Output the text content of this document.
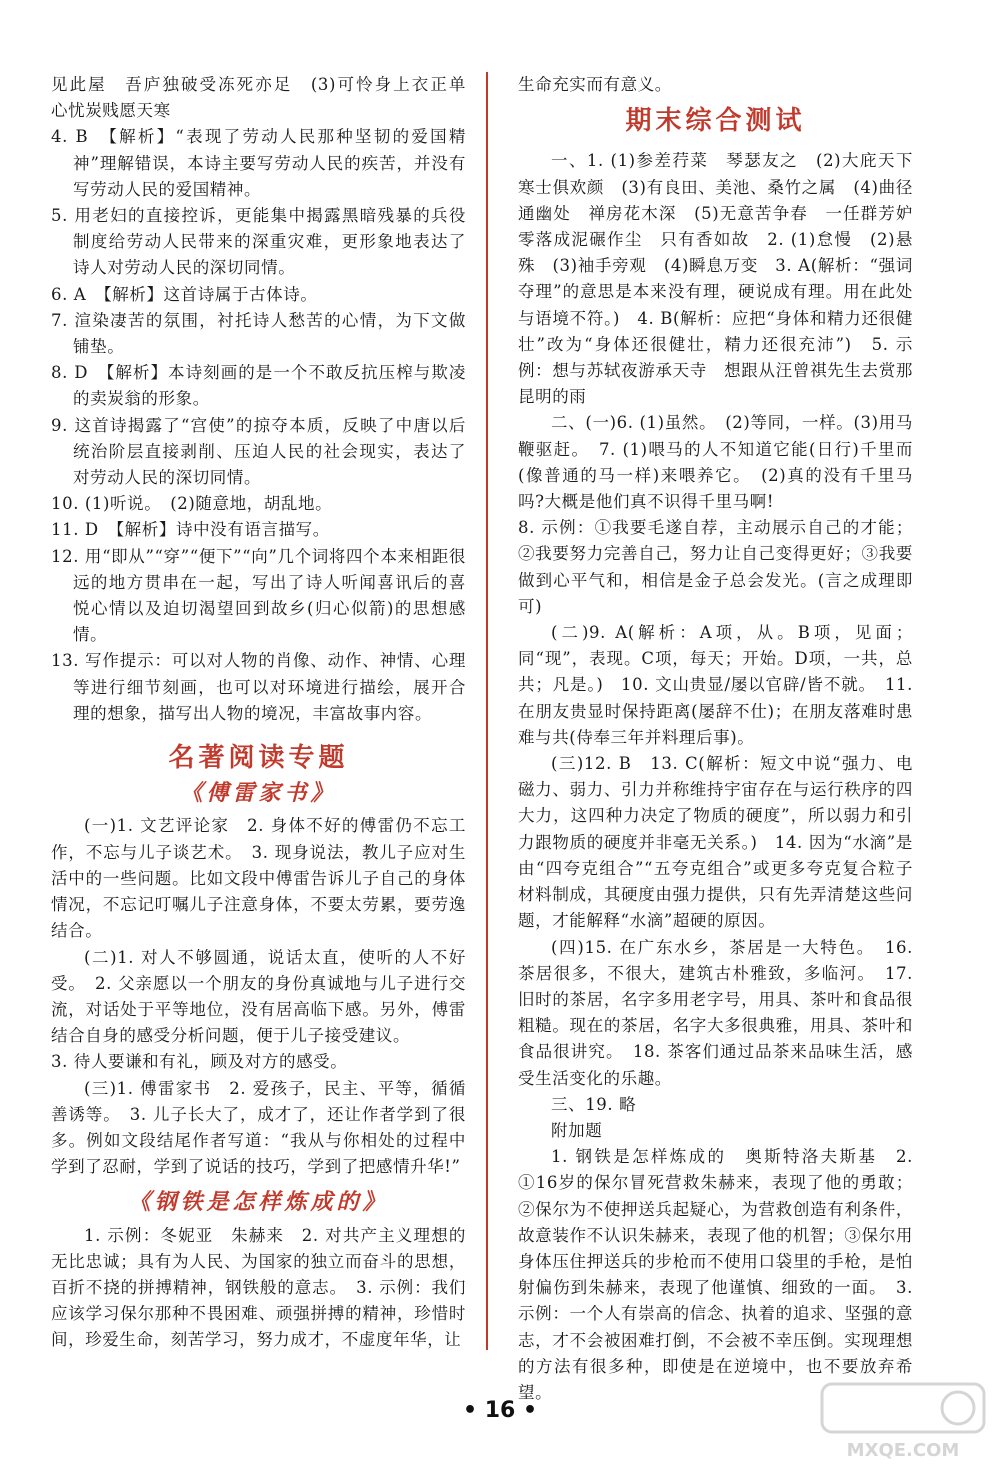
见此屋　吾庐独破受冻死亦足　(3)可怜身上衣正单　心忧炭贱愿天寒

4. B　【解析】“表现了劳动人民那种坚韧的爱国精神”理解错误，本诗主要写劳动人民的疾苦，并没有写劳动人民的爱国精神。

5. 用老妇的直接控诉，更能集中揭露黑暗残暴的兵役制度给劳动人民带来的深重灾难，更形象地表达了诗人对劳动人民的深切同情。

6. A　【解析】这首诗属于古体诗。

7. 渲染凄苦的氛围，衬托诗人愁苦的心情，为下文做铺垫。

8. D　【解析】本诗刻画的是一个不敢反抗压榨与欺凌的卖炭翁的形象。

9. 这首诗揭露了“宫使”的掠夺本质，反映了中唐以后统治阶层直接剥削、压迫人民的社会现实，表达了对劳动人民的深切同情。

10. (1)听说。　(2)随意地，胡乱地。

11. D　【解析】诗中没有语言描写。

12. 用“即从”“穿”“便下”“向”几个词将四个本来相距很远的地方贯串在一起，写出了诗人听闻喜讯后的喜悦心情以及迫切渴望回到故乡(归心似箭)的思想感情。

13. 写作提示：可以对人物的肖像、动作、神情、心理等进行细节刻画，也可以对环境进行描绘，展开合理的想象，描写出人物的境况，丰富故事内容。

名著阅读专题
《傅雷家书》

(一)1. 文艺评论家　2. 身体不好的傅雷仍不忘工作，不忘与儿子谈艺术。　3. 现身说法，教儿子应对生活中的一些问题。比如文段中傅雷告诉儿子自己的身体情况，不忘记叮嘱儿子注意身体，不要太劳累，要劳逸结合。

(二)1. 对人不够圆通，说话太直，使听的人不好受。　2. 父亲愿以一个朋友的身份真诚地与儿子进行交流，对话处于平等地位，没有居高临下感。另外，傅雷结合自身的感受分析问题，便于儿子接受建议。

3. 待人要谦和有礼，顾及对方的感受。

(三)1. 傅雷家书　2. 爱孩子，民主、平等，循循善诱等。　3. 儿子长大了，成才了，还让作者学到了很多。例如文段结尾作者写道：“我从与你相处的过程中学到了忍耐，学到了说话的技巧，学到了把感情升华!”

《钢铁是怎样炼成的》

1. 示例：冬妮亚　朱赫来　2. 对共产主义理想的无比忠诚；具有为人民、为国家的独立而奋斗的思想，百折不挠的拼搏精神，钢铁般的意志。　3. 示例：我们应该学习保尔那种不畏困难、顽强拼搏的精神，珍惜时间，珍爱生命，刻苦学习，努力成才，不虚度年华，让

生命充实而有意义。

期末综合测试

一、1. (1)参差荇菜　琴瑟友之　(2)大庇天下寒士俱欢颜　(3)有良田、美池、桑竹之属　(4)曲径通幽处　禅房花木深　(5)无意苦争春　一任群芳妒　零落成泥碾作尘　只有香如故　2. (1)怠慢　(2)悬殊　(3)袖手旁观　(4)瞬息万变　3. A(解析：“强词夺理”的意思是本来没有理，硬说成有理。用在此处与语境不符。)　4. B(解析：应把“身体和精力还很健壮”改为“身体还很健壮，精力还很充沛”)　5. 示例：想与苏轼夜游承天寺　想跟从汪曾祺先生去赏那昆明的雨

二、(一)6. (1)虽然。　(2)等同，一样。(3)用马鞭驱赶。　7. (1)喂马的人不知道它能(日行)千里而(像普通的马一样)来喂养它。　(2)真的没有千里马吗?大概是他们真不识得千里马啊!

8. 示例：①我要毛遂自荐，主动展示自己的才能；②我要努力完善自己，努力让自己变得更好；③我要做到心平气和，相信是金子总会发光。(言之成理即可)

(二)9. A(解析：A项，从。B项，见面；同“现”，表现。C项，每天；开始。D项，一共，总共；凡是。)　10. 文山贵显/屡以官辟/皆不就。　11. 在朋友贵显时保持距离(屡辞不仕)；在朋友落难时患难与共(侍奉三年并料理后事)。

(三)12. B　13. C(解析：短文中说“强力、电磁力、弱力、引力并称维持宇宙存在与运行秩序的四大力，这四种力决定了物质的硬度”，所以弱力和引力跟物质的硬度并非毫无关系。)　14. 因为“水滴”是由“四夸克组合”“五夸克组合”或更多夸克复合粒子材料制成，其硬度由强力提供，只有先弄清楚这些问题，才能解释“水滴”超硬的原因。

(四)15. 在广东水乡，茶居是一大特色。　16. 茶居很多，不很大，建筑古朴雅致，多临河。　17. 旧时的茶居，名字多用老字号，用具、茶叶和食品很粗糙。现在的茶居，名字大多很典雅，用具、茶叶和食品很讲究。　18. 茶客们通过品茶来品味生活，感受生活变化的乐趣。

三、19. 略

附加题

1. 钢铁是怎样炼成的　奥斯特洛夫斯基　2. ①16岁的保尔冒死营救朱赫来，表现了他的勇敢；②保尔为不使押送兵起疑心，为营救创造有利条件，故意装作不认识朱赫来，表现了他的机智；③保尔用身体压住押送兵的步枪而不使用口袋里的手枪，是怕射偏伤到朱赫来，表现了他谨慎、细致的一面。　3. 示例：一个人有崇高的信念、执着的追求、坚强的意志，才不会被困难打倒，不会被不幸压倒。实现理想的方法有很多种，即使是在逆境中，也不要放弃希望。

• 16 •
MXQE.COM
